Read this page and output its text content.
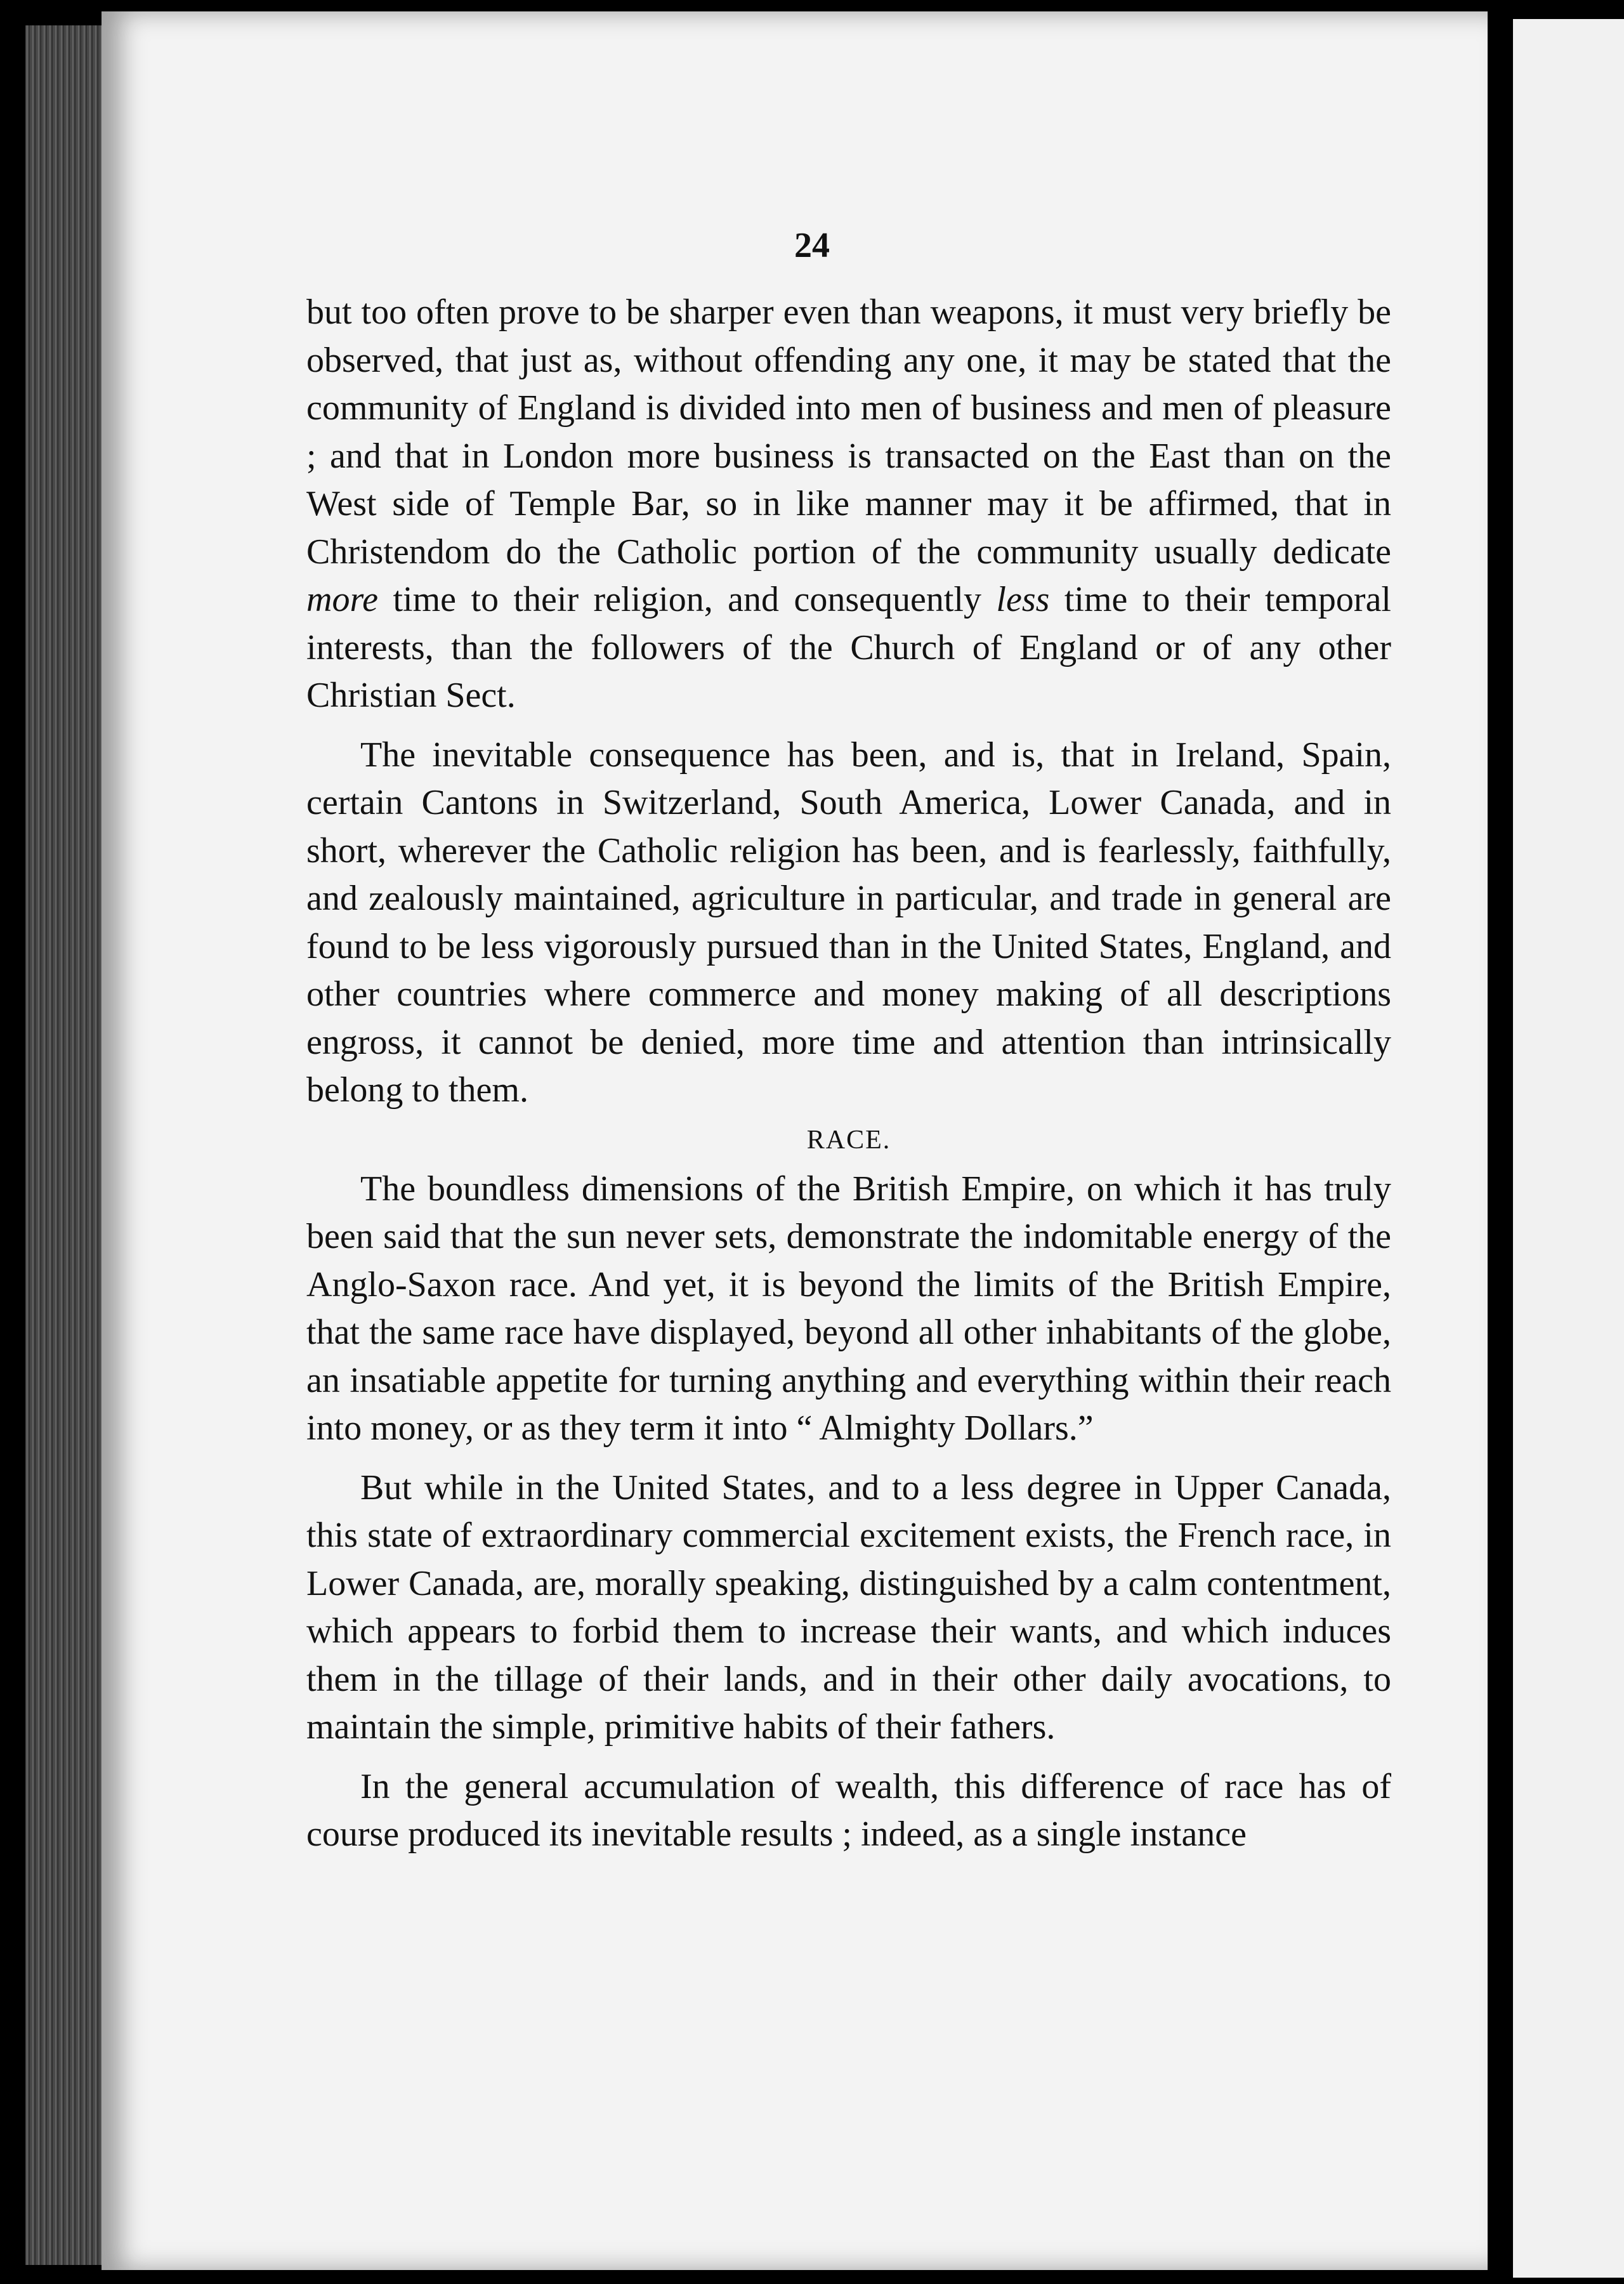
24

but too often prove to be sharper even than weapons, it must very briefly be observed, that just as, without offending any one, it may be stated that the community of England is divided into men of business and men of pleasure ; and that in London more business is transacted on the East than on the West side of Temple Bar, so in like manner may it be affirmed, that in Christendom do the Catholic portion of the community usually dedicate more time to their religion, and consequently less time to their temporal interests, than the followers of the Church of England or of any other Christian Sect.

The inevitable consequence has been, and is, that in Ireland, Spain, certain Cantons in Switzerland, South America, Lower Canada, and in short, wherever the Catholic religion has been, and is fearlessly, faithfully, and zealously maintained, agriculture in particular, and trade in general are found to be less vigorously pursued than in the United States, England, and other countries where commerce and money making of all descriptions engross, it cannot be denied, more time and attention than intrinsically belong to them.

RACE.

The boundless dimensions of the British Empire, on which it has truly been said that the sun never sets, demonstrate the indomitable energy of the Anglo-Saxon race. And yet, it is beyond the limits of the British Empire, that the same race have displayed, beyond all other inhabitants of the globe, an insatiable appetite for turning anything and everything within their reach into money, or as they term it into “ Almighty Dollars.”

But while in the United States, and to a less degree in Upper Canada, this state of extraordinary commercial excitement exists, the French race, in Lower Canada, are, morally speaking, distinguished by a calm contentment, which appears to forbid them to increase their wants, and which induces them in the tillage of their lands, and in their other daily avocations, to maintain the simple, primitive habits of their fathers.

In the general accumulation of wealth, this difference of race has of course produced its inevitable results ; indeed, as a single instance
